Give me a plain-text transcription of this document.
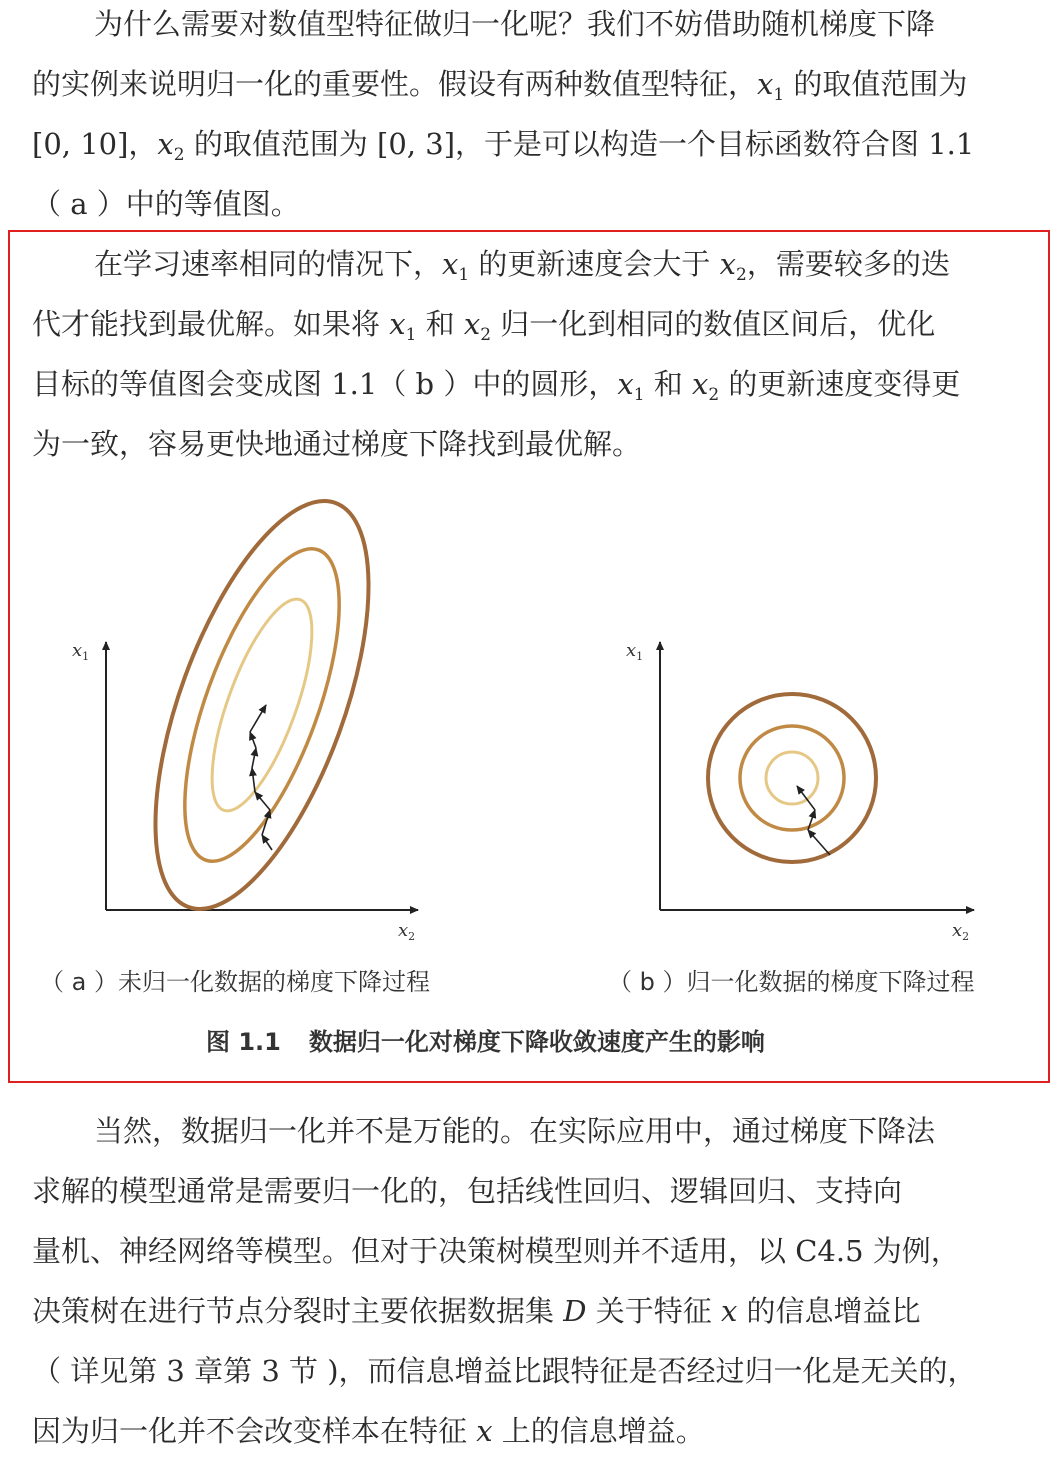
为什么需要对数值型特征做归一化呢？我们不妨借助随机梯度下降
的实例来说明归一化的重要性。假设有两种数值型特征，$x_1$ 的取值范围为
[0, 10]，$x_2$ 的取值范围为 [0, 3]，于是可以构造一个目标函数符合图 1.1
（ a ）中的等值图。
在学习速率相同的情况下，$x_1$ 的更新速度会大于 $x_2$，需要较多的迭
代才能找到最优解。如果将 $x_1$ 和 $x_2$ 归一化到相同的数值区间后，优化
目标的等值图会变成图 1.1（ b ）中的圆形，$x_1$ 和 $x_2$ 的更新速度变得更
为一致，容易更快地通过梯度下降找到最优解。
$x_1$
$x_2$
$x_1$
$x_2$
（ a ）未归一化数据的梯度下降过程	（ b ）归一化数据的梯度下降过程
图 1.1 数据归一化对梯度下降收敛速度产生的影响
当然，数据归一化并不是万能的。在实际应用中，通过梯度下降法
求解的模型通常是需要归一化的，包括线性回归、逻辑回归、支持向
量机、神经网络等模型。但对于决策树模型则并不适用，以 C4.5 为例，
决策树在进行节点分裂时主要依据数据集 D 关于特征 x 的信息增益比
（ 详见第 3 章第 3 节 )，而信息增益比跟特征是否经过归一化是无关的，
因为归一化并不会改变样本在特征 x 上的信息增益。
